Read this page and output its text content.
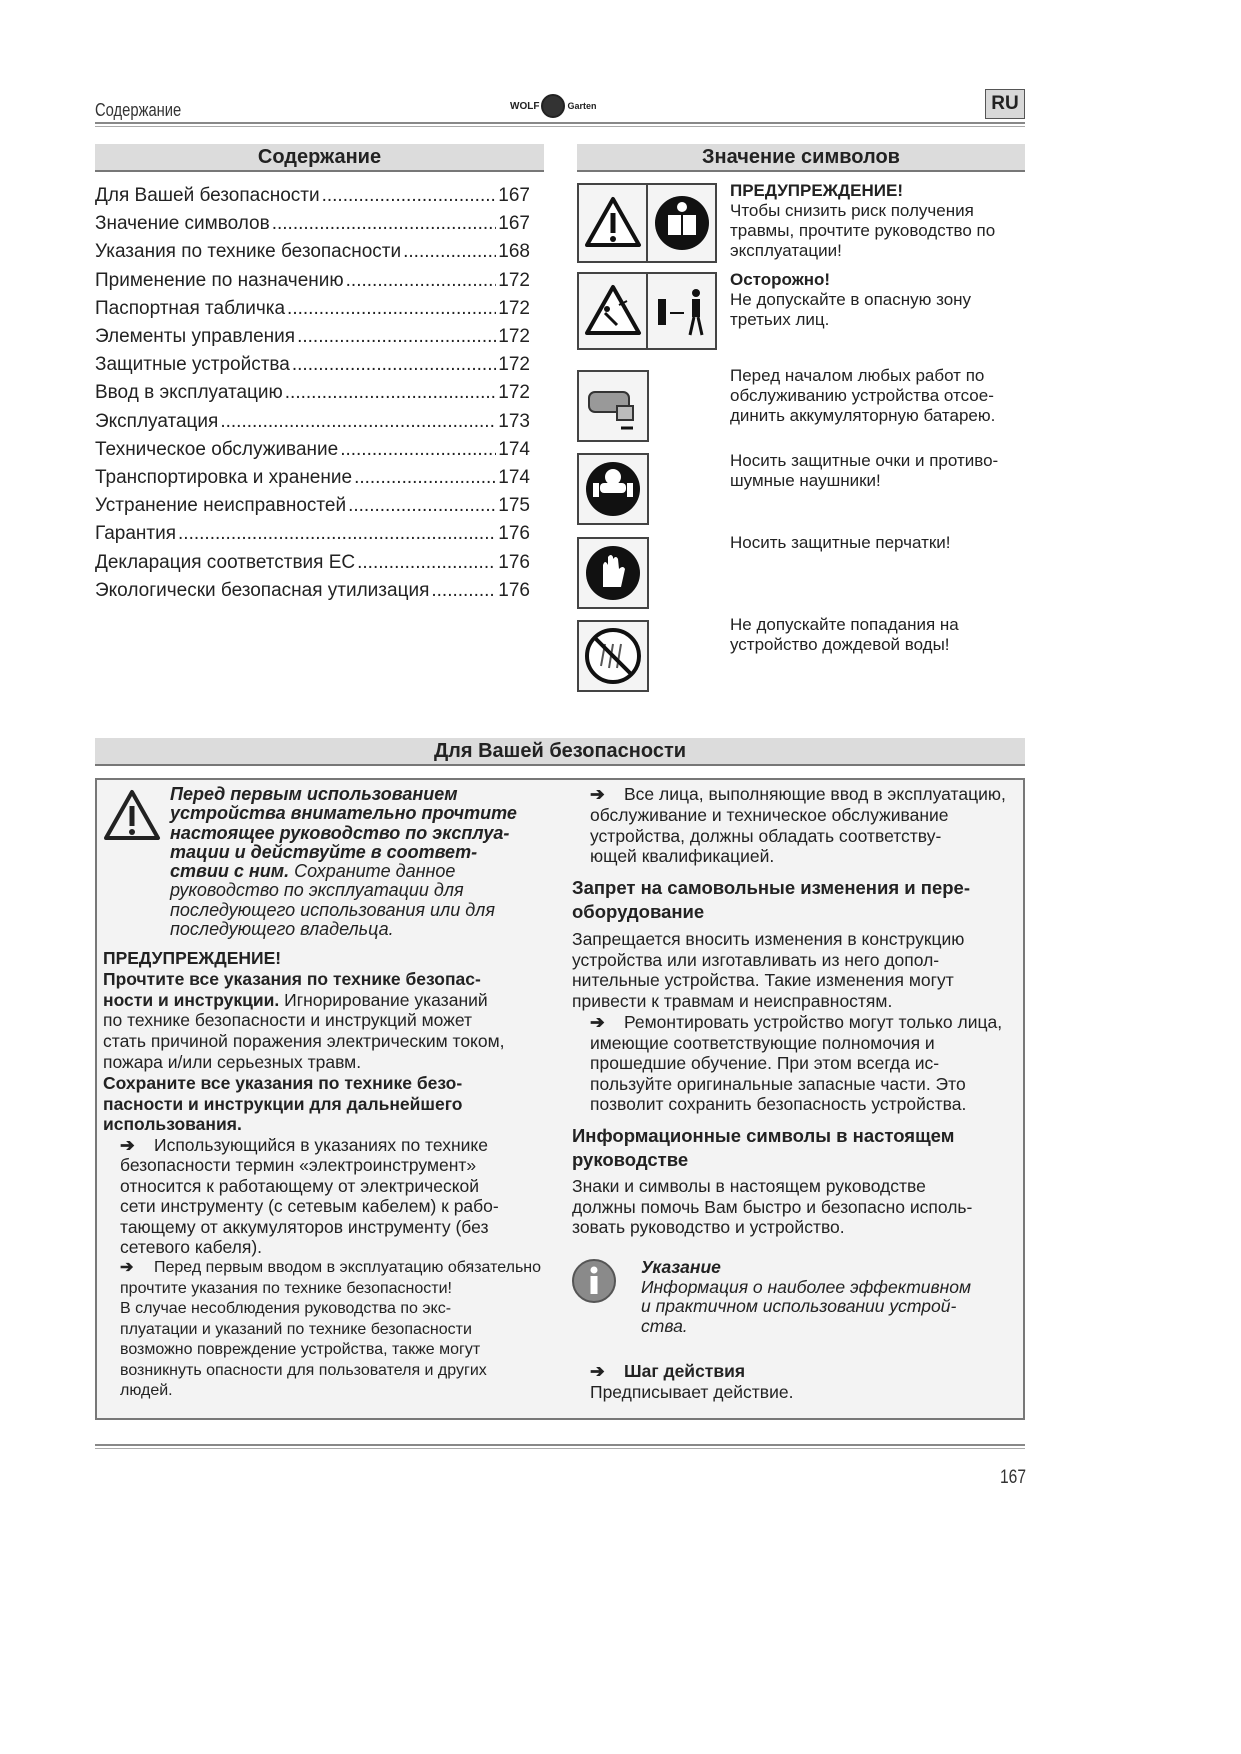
Содержание	WOLF	Garten	RU
Содержание
Для Вашей безопасности .....	167
Значение символов .....	167
Указания по технике безопасности .....	168
Применение по назначению .....	172
Паспортная табличка .....	172
Элементы управления .....	172
Защитные устройства .....	172
Ввод в эксплуатацию .....	172
Эксплуатация .....	173
Техническое обслуживание .....	174
Транспортировка и хранение .....	174
Устранение неисправностей .....	175
Гарантия .....	176
Декларация соответствия ЕС .....	176
Экологически безопасная утилизация .....	176
Значение символов
ПРЕДУПРЕЖДЕНИЕ!
Чтобы снизить риск получения
травмы, прочтите руководство по
эксплуатации!
Осторожно!
Не допускайте в опасную зону
третьих лиц.
Перед началом любых работ по
обслуживанию устройства отсое-
динить аккумуляторную батарею.
Носить защитные очки и противо-
шумные наушники!
Носить защитные перчатки!
Не допускайте попадания на
устройство дождевой воды!
Для Вашей безопасности
Перед первым использованием
устройства внимательно прочтите
настоящее руководство по эксплуа-
тации и действуйте в соответ-
ствии с ним. Сохраните данное
руководство по эксплуатации для
последующего использования или для
последующего владельца.
ПРЕДУПРЕЖДЕНИЕ!
Прочтите все указания по технике безопас-
ности и инструкции. Игнорирование указаний
по технике безопасности и инструкций может
стать причиной поражения электрическим током,
пожара и/или серьезных травм.
Сохраните все указания по технике безо-
пасности и инструкции для дальнейшего
использования.
➔ Использующийся в указаниях по технике
безопасности термин «электроинструмент»
относится к работающему от электрической
сети инструменту (с сетевым кабелем) к рабо-
тающему от аккумуляторов инструменту (без
сетевого кабеля).
➔ Перед первым вводом в эксплуатацию обязательно
прочтите указания по технике безопасности!
В случае несоблюдения руководства по экс-
плуатации и указаний по технике безопасности
возможно повреждение устройства, также могут
возникнуть опасности для пользователя и других
людей.
➔ Все лица, выполняющие ввод в эксплуатацию,
обслуживание и техническое обслуживание
устройства, должны обладать соответству-
ющей квалификацией.
Запрет на самовольные изменения и пере-
оборудование
Запрещается вносить изменения в конструкцию
устройства или изготавливать из него допол-
нительные устройства. Такие изменения могут
привести к травмам и неисправностям.
➔ Ремонтировать устройство могут только лица,
имеющие соответствующие полномочия и
прошедшие обучение. При этом всегда ис-
пользуйте оригинальные запасные части. Это
позволит сохранить безопасность устройства.
Информационные символы в настоящем
руководстве
Знаки и символы в настоящем руководстве
должны помочь Вам быстро и безопасно исполь-
зовать руководство и устройство.
Указание
Информация о наиболее эффективном
и практичном использовании устрой-
ства.
➔ Шаг действия
Предписывает действие.
167
